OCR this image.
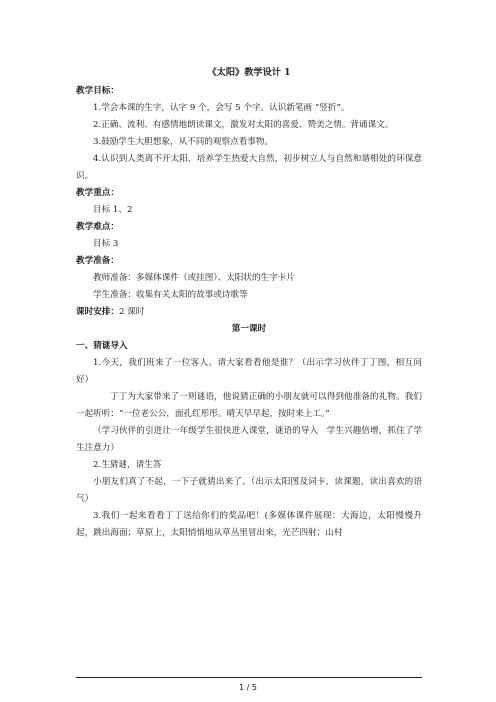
《太阳》教学设计 1
教学目标：
1.学会本课的生字，认字 9 个，会写 5 个字。认识新笔画 “竖折”。
2.正确、流利、有感情地朗读课文，激发对太阳的喜爱、赞美之情。背诵课文。
3.鼓励学生大胆想象，从不同的观察点看事物。
4.认识到人类离不开太阳，培养学生热爱大自然，初步树立人与自然和谐相处的环保意识。
教学重点：
目标 1、2
教学难点：
目标 3
教学准备：
教师准备：多媒体课件（或挂图）、太阳状的生字卡片
学生准备：收集有关太阳的故事或诗歌等
课时安排：2 课时
第一课时
一、猜谜导入
1.今天，我们班来了一位客人。请大家看看他是谁？（出示学习伙伴丁丁图，相互问好）
丁丁为大家带来了一则谜语，他说猜正确的小朋友就可以得到他准备的礼物。我们一起听听：“一位老公公，面孔红彤彤。晴天早早起，按时来上工。”
（学习伙伴的引进让一年级学生很快进入课堂，谜语的导入　学生兴趣倍增，抓住了学生注意力）
2.生猜谜，请生答
小朋友们真了不起，一下子就猜出来了。（出示太阳图及词卡，读课题，读出喜欢的语气）
3.我们一起来看看丁丁送给你们的奖品吧！(多媒体课件展现：大海边，太阳慢慢升起，跳出海面；草原上，太阳悄悄地从草丛里冒出来，光芒四射；山村
1 / 5
